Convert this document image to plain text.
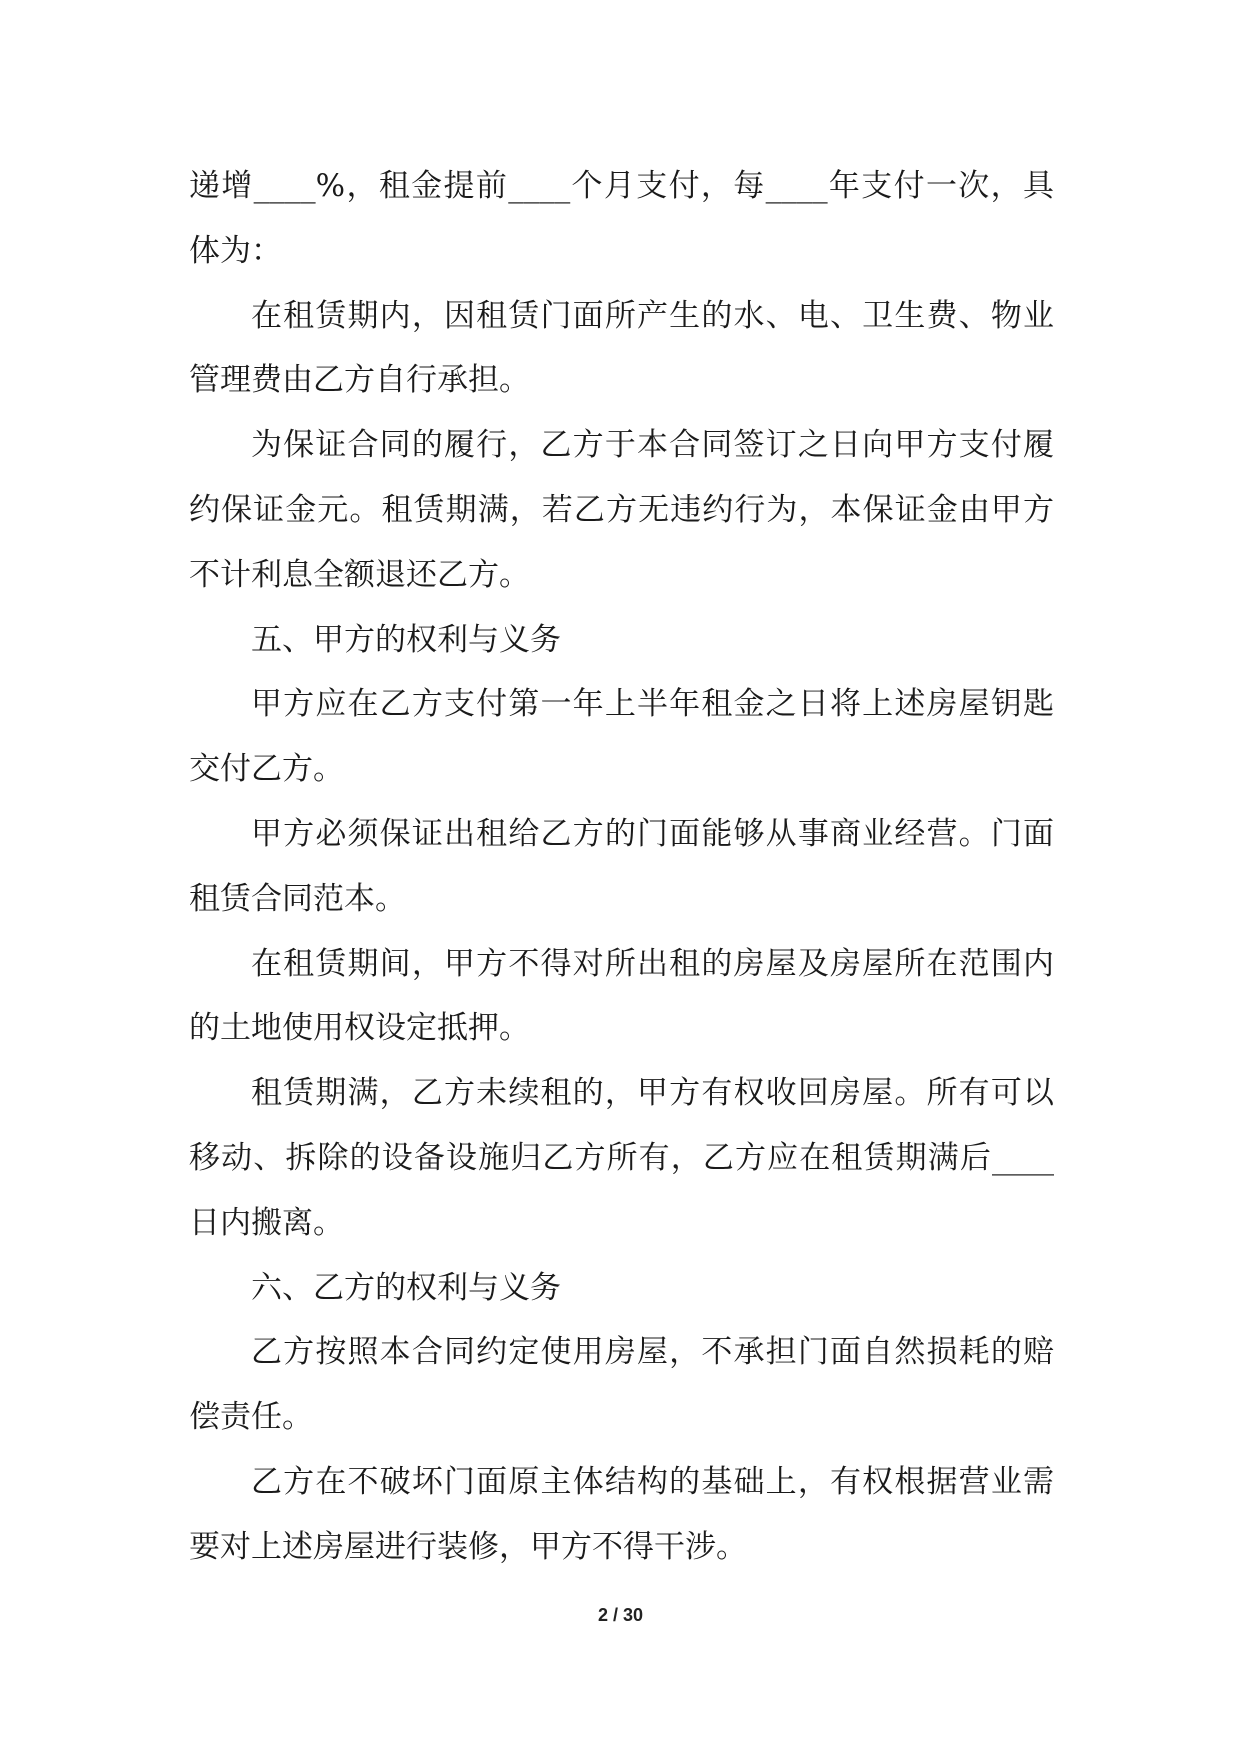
递增____%，租金提前____个月支付，每____年支付一次，具体为：

在租赁期内，因租赁门面所产生的水、电、卫生费、物业管理费由乙方自行承担。

为保证合同的履行，乙方于本合同签订之日向甲方支付履约保证金元。租赁期满，若乙方无违约行为，本保证金由甲方不计利息全额退还乙方。

五、甲方的权利与义务

甲方应在乙方支付第一年上半年租金之日将上述房屋钥匙交付乙方。

甲方必须保证出租给乙方的门面能够从事商业经营。门面租赁合同范本。

在租赁期间，甲方不得对所出租的房屋及房屋所在范围内的土地使用权设定抵押。

租赁期满，乙方未续租的，甲方有权收回房屋。所有可以移动、拆除的设备设施归乙方所有，乙方应在租赁期满后____日内搬离。

六、乙方的权利与义务

乙方按照本合同约定使用房屋，不承担门面自然损耗的赔偿责任。

乙方在不破坏门面原主体结构的基础上，有权根据营业需要对上述房屋进行装修，甲方不得干涉。

2 / 30
